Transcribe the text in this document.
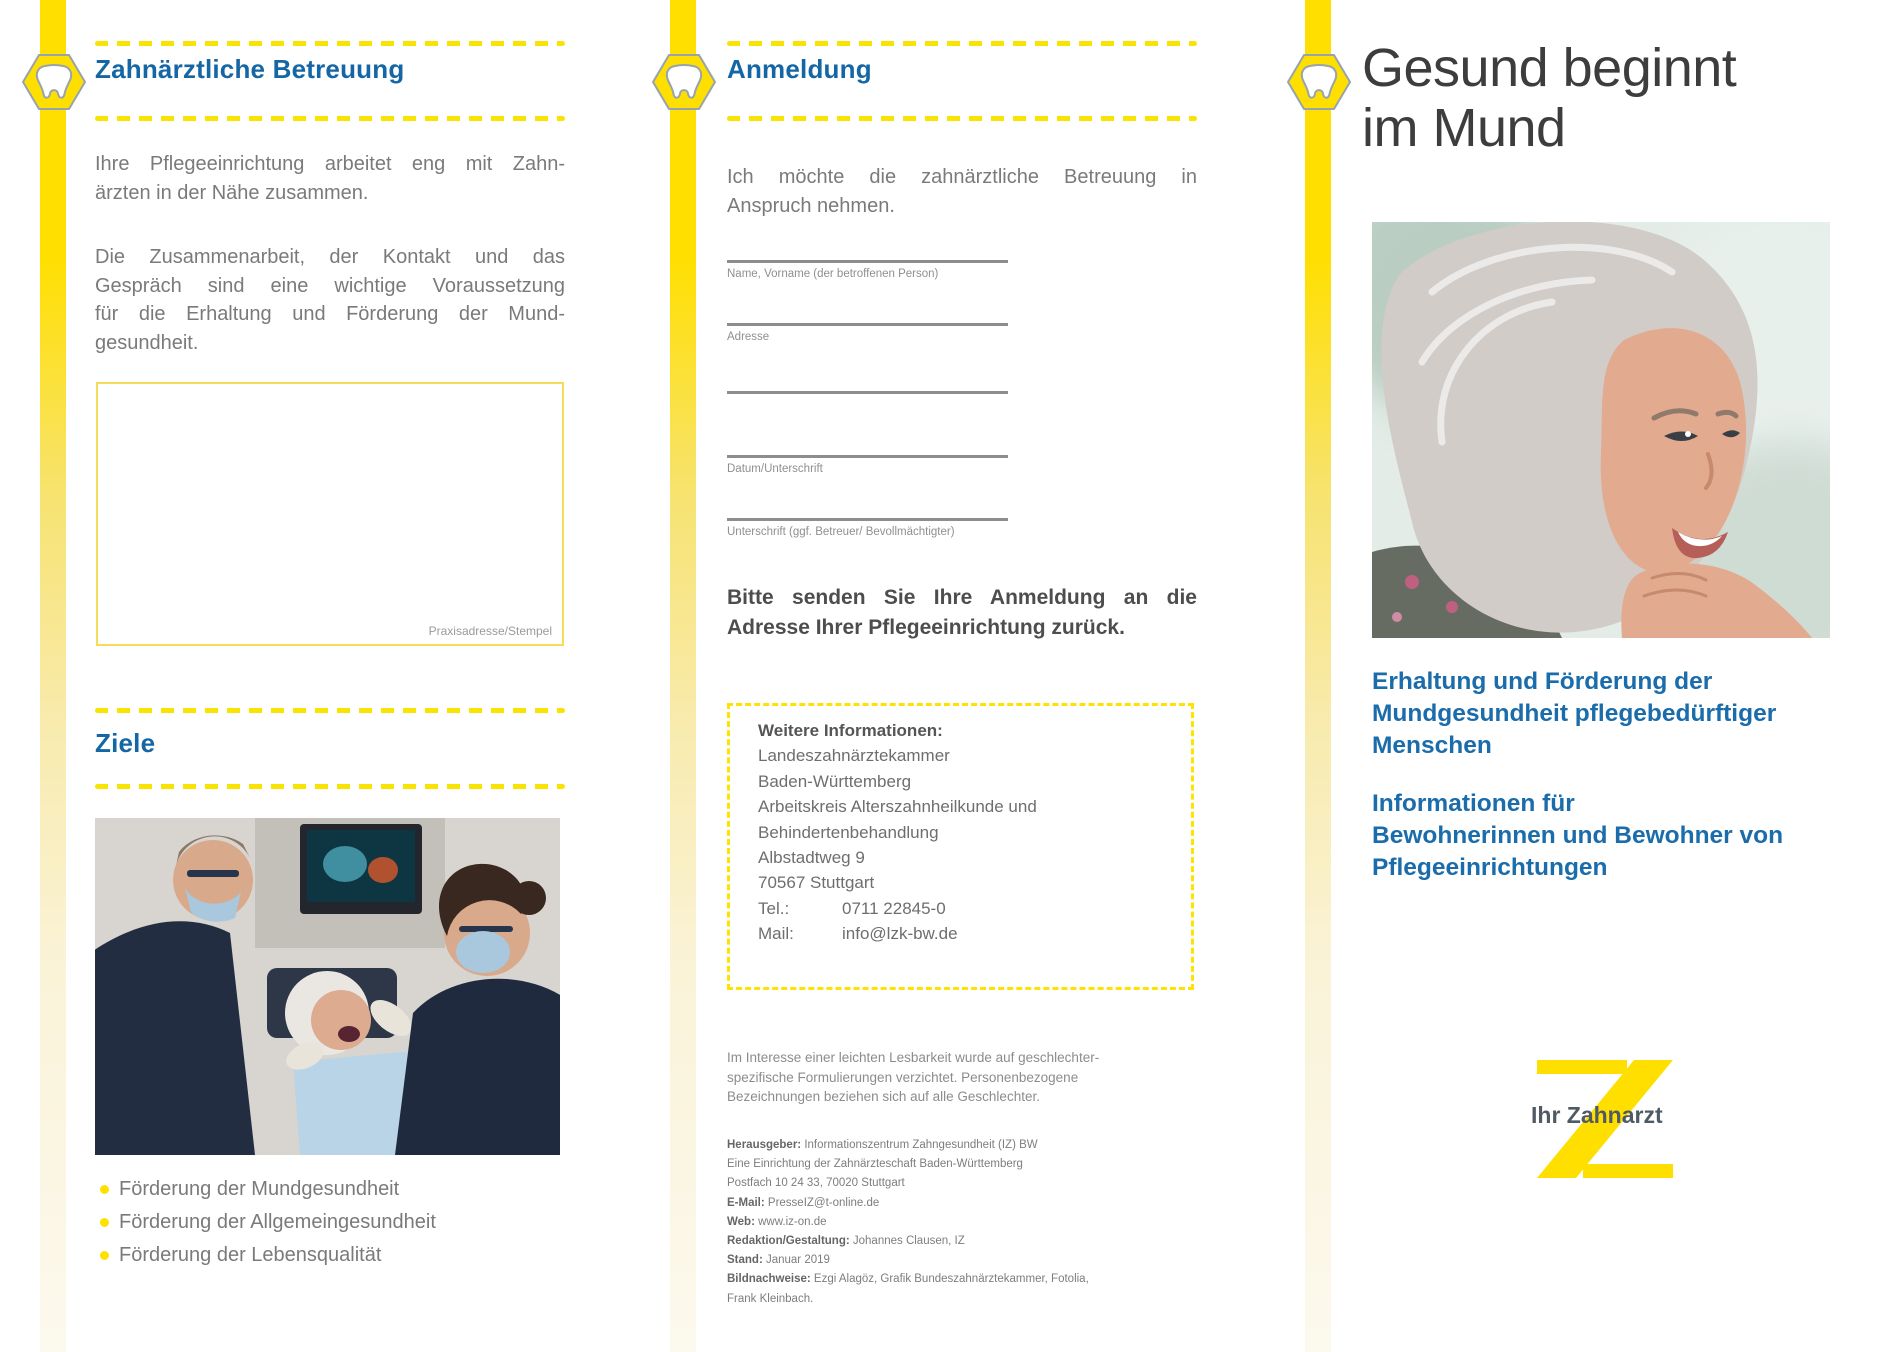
Zahnärztliche Betreuung
Ihre Pflegeeinrichtung arbeitet eng mit Zahn-
ärzten in der Nähe zusammen.
Die Zusammenarbeit, der Kontakt und das
Gespräch sind eine wichtige Voraussetzung
für die Erhaltung und Förderung der Mund-
gesundheit.
Praxisadresse/Stempel
Ziele
Förderung der Mundgesundheit
Förderung der Allgemeingesundheit
Förderung der Lebensqualität
Anmeldung
Ich möchte die zahnärztliche Betreuung in
Anspruch nehmen.
Name, Vorname (der betroffenen Person)
Adresse
Datum/Unterschrift
Unterschrift (ggf. Betreuer/ Bevollmächtigter)
Bitte senden Sie Ihre Anmeldung an die
Adresse Ihrer Pflegeeinrichtung zurück.
Weitere Informationen:
Landeszahnärztekammer
Baden-Württemberg
Arbeitskreis Alterszahnheilkunde und
Behindertenbehandlung
Albstadtweg 9
70567 Stuttgart
Tel.:	0711 22845-0
Mail:	info@lzk-bw.de
Im Interesse einer leichten Lesbarkeit wurde auf geschlechter-
spezifische Formulierungen verzichtet. Personenbezogene
Bezeichnungen beziehen sich auf alle Geschlechter.
Herausgeber: Informationszentrum Zahngesundheit (IZ) BW
Eine Einrichtung der Zahnärzteschaft Baden-Württemberg
Postfach 10 24 33, 70020 Stuttgart
E-Mail: PresseIZ@t-online.de
Web: www.iz-on.de
Redaktion/Gestaltung: Johannes Clausen, IZ
Stand: Januar 2019
Bildnachweise: Ezgi Alagöz, Grafik Bundeszahnärztekammer, Fotolia,
Frank Kleinbach.
Gesund beginnt
im Mund
Erhaltung und Förderung der
Mundgesundheit pflegebedürftiger
Menschen
Informationen für
Bewohnerinnen und Bewohner von
Pflegeeinrichtungen
Ihr Zahnarzt
